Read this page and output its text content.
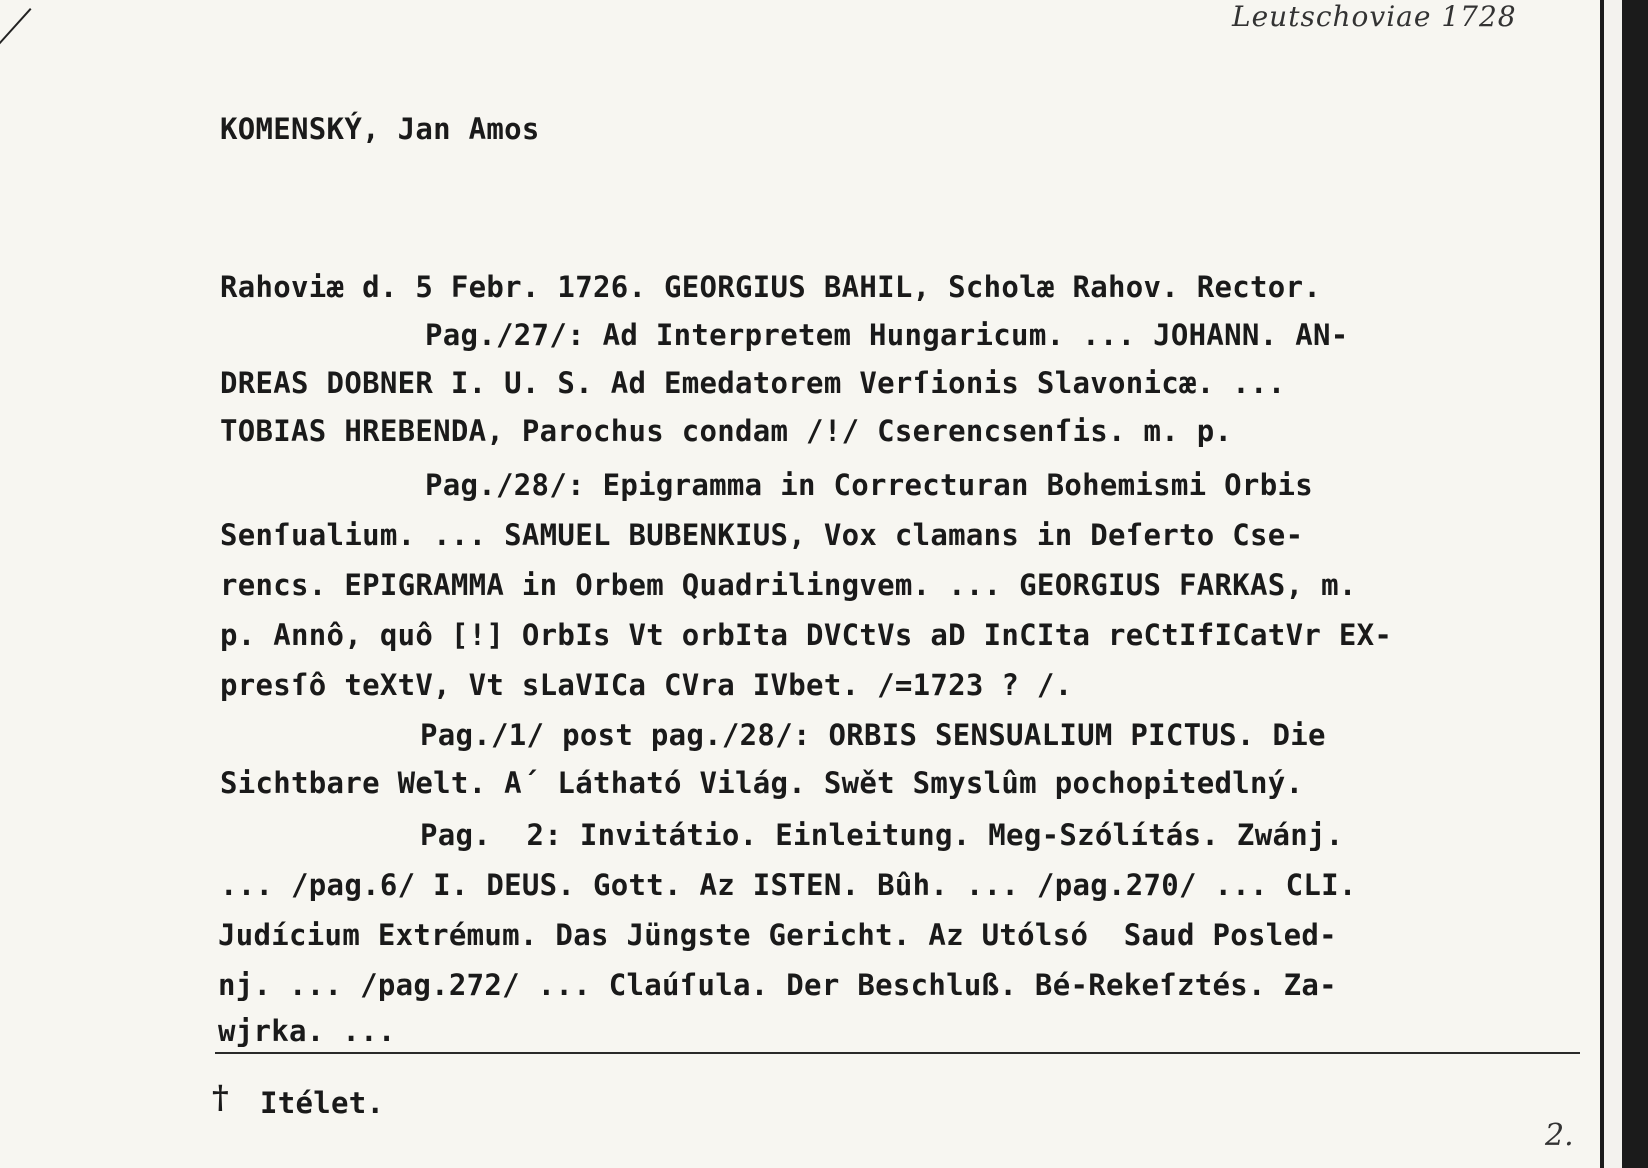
Leutschoviae 1728
KOMENSKÝ, Jan Amos
Rahoviæ d. 5 Febr. 1726. GEORGIUS BAHIL, Scholæ Rahov. Rector.
Pag./27/: Ad Interpretem Hungaricum. ... JOHANN. AN-
DREAS DOBNER I. U. S. Ad Emedatorem Verſionis Slavonicæ. ...
TOBIAS HREBENDA, Parochus condam /!/ Cserencsenſis. m. p.
Pag./28/: Epigramma in Correcturan Bohemismi Orbis
Senſualium. ... SAMUEL BUBENKIUS, Vox clamans in Deſerto Cse-
rencs. EPIGRAMMA in Orbem Quadrilingvem. ... GEORGIUS FARKAS, m.
p. Annô, quô [!] OrbIs Vt orbIta DVCtVs aD InCIta reCtIfICatVr EX-
presſô teXtV, Vt sLaVICa CVra IVbet. /=1723 ? /.
Pag./1/ post pag./28/: ORBIS SENSUALIUM PICTUS. Die
Sichtbare Welt. A´ Látható Világ. Swět Smyslûm pochopitedlný.
Pag.  2: Invitátio. Einleitung. Meg-Szólítás. Zwánj.
... /pag.6/ I. DEUS. Gott. Az ISTEN. Bûh. ... /pag.270/ ... CLI.
Judícium Extrémum. Das Jüngste Gericht. Az Utólsó  Saud Posled-
nj. ... /pag.272/ ... Claúſula. Der Beschluß. Bé-Rekeſztés. Za-
wjrka. ...
† Itélet.
2.
